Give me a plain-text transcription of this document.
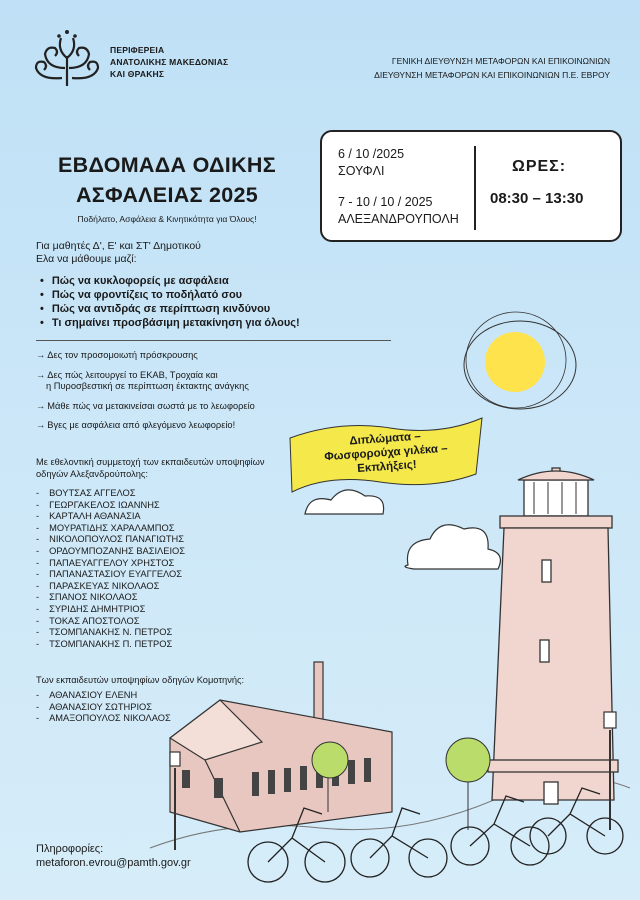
ΠΕΡΙΦΕΡΕΙΑ
ΑΝΑΤΟΛΙΚΗΣ ΜΑΚΕΔΟΝΙΑΣ
ΚΑΙ ΘΡΑΚΗΣ
ΓΕΝΙΚΗ ΔΙΕΥΘΥΝΣΗ ΜΕΤΑΦΟΡΩΝ ΚΑΙ ΕΠΙΚΟΙΝΩΝΙΩΝ
ΔΙΕΥΘΥΝΣΗ ΜΕΤΑΦΟΡΩΝ ΚΑΙ ΕΠΙΚΟΙΝΩΝΙΩΝ Π.Ε. ΕΒΡΟΥ
ΕΒΔΟΜΑΔΑ ΟΔΙΚΗΣ
ΑΣΦΑΛΕΙΑΣ 2025
Ποδήλατο, Ασφάλεια & Κινητικότητα για Όλους!
6 / 10 /2025
ΣΟΥΦΛΙ
7 - 10 / 10 / 2025
ΑΛΕΞΑΝΔΡΟΥΠΟΛΗ
ΩΡΕΣ:
08:30 – 13:30
Για μαθητές Δ', Ε' και ΣΤ' Δημοτικού
Ελα να μάθουμε μαζί:
• Πώς να κυκλοφορείς με ασφάλεια
• Πώς να φροντίζεις το ποδήλατό σου
• Πώς να αντιδράς σε περίπτωση κινδύνου
• Τι σημαίνει προσβάσιμη μετακίνηση για όλους!
→ Δες τον προσομοιωτή πρόσκρουσης
→ Δες πώς λειτουργεί το ΕΚΑΒ, Τροχαία και
η Πυροσβεστική σε περίπτωση έκτακτης ανάγκης
→ Μάθε πώς να μετακινείσαι σωστά με το λεωφορείο
→ Βγες με ασφάλεια από φλεγόμενο λεωφορείο!
Με εθελοντική συμμετοχή των εκπαιδευτών υποψηφίων οδηγών Αλεξανδρούπολης:
- ΒΟΥΤΣΑΣ ΑΓΓΕΛΟΣ
- ΓΕΩΡΓΑΚΕΛΟΣ ΙΩΑΝΝΗΣ
- ΚΑΡΤΑΛΗ ΑΘΑΝΑΣΙΑ
- ΜΟΥΡΑΤΙΔΗΣ ΧΑΡΑΛΑΜΠΟΣ
- ΝΙΚΟΛΟΠΟΥΛΟΣ ΠΑΝΑΓΙΩΤΗΣ
- ΟΡΔΟΥΜΠΟΖΑΝΗΣ ΒΑΣΙΛΕΙΟΣ
- ΠΑΠΑΕΥΑΓΓΕΛΟΥ ΧΡΗΣΤΟΣ
- ΠΑΠΑΝΑΣΤΑΣΙΟΥ ΕΥΑΓΓΕΛΟΣ
- ΠΑΡΑΣΚΕΥΑΣ ΝΙΚΟΛΑΟΣ
- ΣΠΑΝΟΣ ΝΙΚΟΛΑΟΣ
- ΣΥΡΙΔΗΣ ΔΗΜΗΤΡΙΟΣ
- ΤΟΚΑΣ ΑΠΟΣΤΟΛΟΣ
- ΤΣΟΜΠΑΝΑΚΗΣ Ν. ΠΕΤΡΟΣ
- ΤΣΟΜΠΑΝΑΚΗΣ Π. ΠΕΤΡΟΣ
Των εκπαιδευτών υποψηφίων οδηγών Κομοτηνής:
- ΑΘΑΝΑΣΙΟΥ ΕΛΕΝΗ
- ΑΘΑΝΑΣΙΟΥ ΣΩΤΗΡΙΟΣ
- ΑΜΑΞΟΠΟΥΛΟΣ ΝΙΚΟΛΑΟΣ
Διπλώματα –
Φωσφορούχα γιλέκα –
Εκπλήξεις!
Πληροφορίες:
metaforon.evrou@pamth.gov.gr
